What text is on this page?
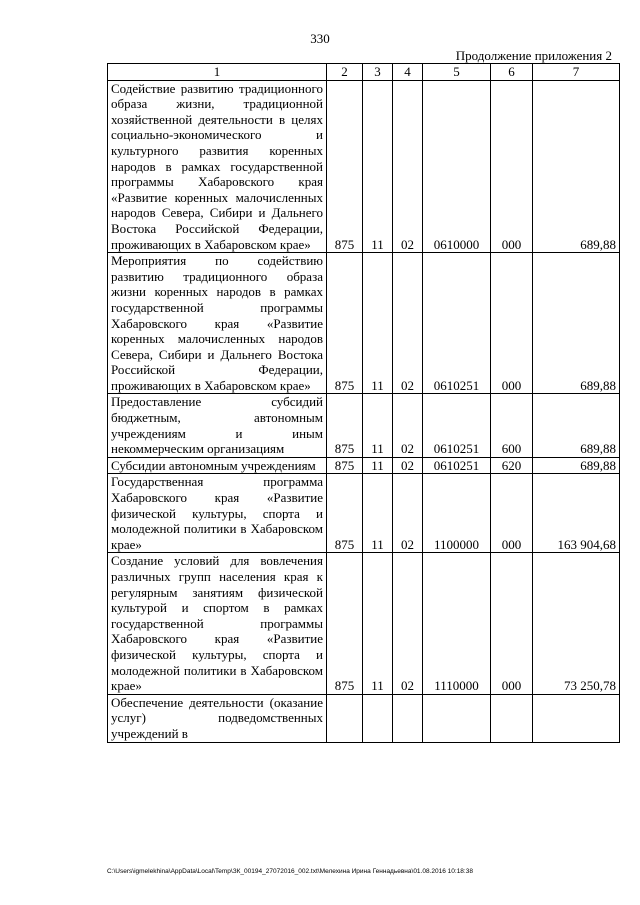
330
Продолжение приложения 2
1	2	3	4	5	6	7
Содействие развитию традиционного образа жизни, традиционной хозяйственной деятельности в целях социально-экономического и культурного развития коренных народов в рамках государственной программы Хабаровского края «Развитие коренных малочисленных народов Севера, Сибири и Дальнего Востока Российской Федерации, проживающих в Хабаровском крае»	875	11	02	0610000	000	689,88
Мероприятия по содействию развитию традиционного образа жизни коренных народов в рамках государственной программы Хабаровского края «Развитие коренных малочисленных народов Севера, Сибири и Дальнего Востока Российской Федерации, проживающих в Хабаровском крае»	875	11	02	0610251	000	689,88
Предоставление субсидий бюджетным, автономным учреждениям и иным некоммерческим организациям	875	11	02	0610251	600	689,88
Субсидии автономным учреждениям	875	11	02	0610251	620	689,88
Государственная программа Хабаровского края «Развитие физической культуры, спорта и молодежной политики в Хабаровском крае»	875	11	02	1100000	000	163 904,68
Создание условий для вовлечения различных групп населения края к регулярным занятиям физической культурой и спортом в рамках государственной программы Хабаровского края «Развитие физической культуры, спорта и молодежной политики в Хабаровском крае»	875	11	02	1110000	000	73 250,78
Обеспечение деятельности (оказание услуг) подведомственных учреждений в						
C:\Users\igmelekhina\AppData\Local\Temp\ЗК_00194_27072016_002.txt\Мелехина Ирина Геннадьевна\01.08.2016 10:18:38
